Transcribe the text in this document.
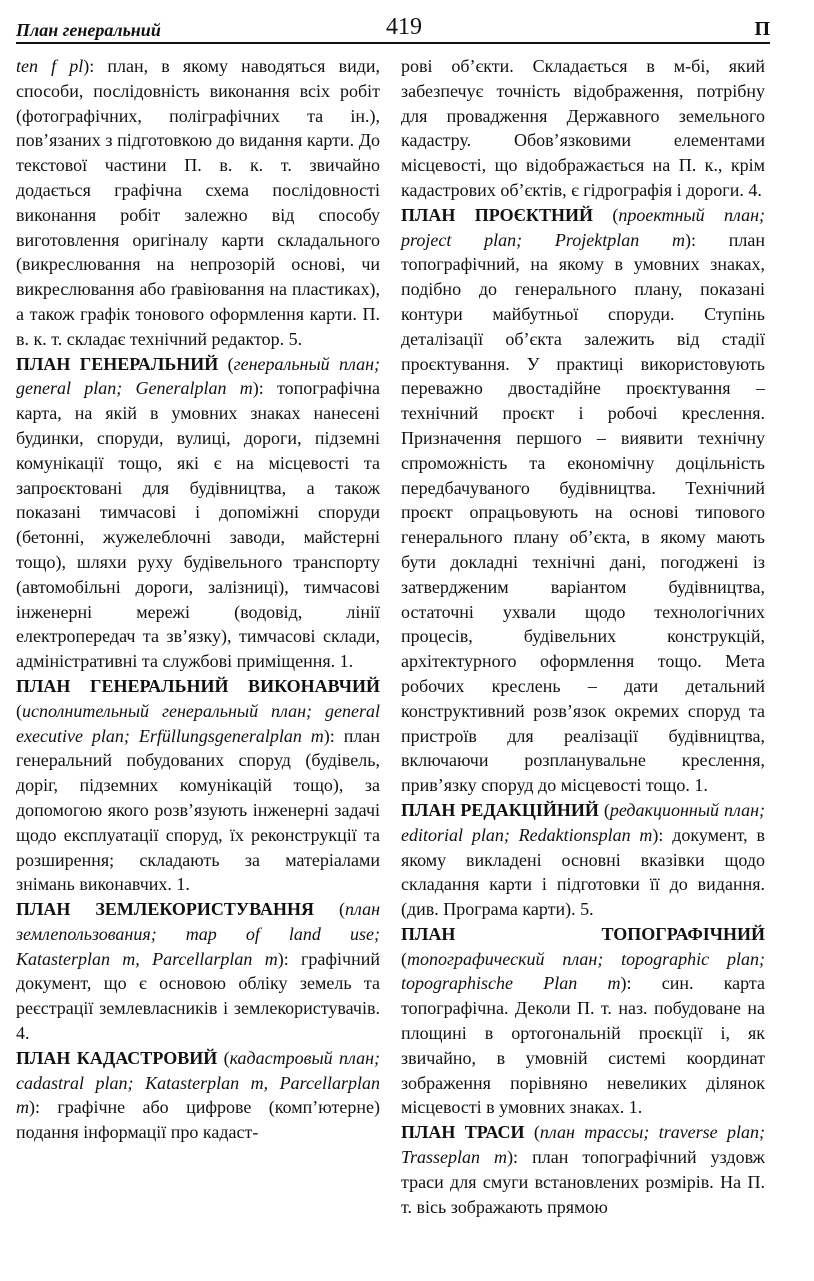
План генеральний	419	П

ten f pl): план, в якому наводяться види, способи, послідовність виконання всіх робіт (фотографічних, поліграфічних та ін.), пов’язаних з підготовкою до видання карти. До текстової частини П. в. к. т. звичайно додається графічна схема послідовності виконання робіт залежно від способу виготовлення оригіналу карти складального (викреслювання на непрозорій основі, чи викреслювання або ґравіювання на пластиках), а також графік тонового оформлення карти. П. в. к. т. складає технічний редактор. 5.

ПЛАН ГЕНЕРАЛЬНИЙ (генеральный план; general plan; Generalplan m): топографічна карта, на якій в умовних знаках нанесені будинки, споруди, вулиці, дороги, підземні комунікації тощо, які є на місцевості та запроєктовані для будівництва, а також показані тимчасові і допоміжні споруди (бетонні, жужелеблочні заводи, майстерні тощо), шляхи руху будівельного транспорту (автомобільні дороги, залізниці), тимчасові інженерні мережі (водовід, лінії електропередач та зв’язку), тимчасові склади, адміністративні та службові приміщення. 1.

ПЛАН ГЕНЕРАЛЬНИЙ ВИКОНАВЧИЙ (исполнительный генеральный план; general executive plan; Erfüllungsgeneralplan m): план генеральний побудованих споруд (будівель, доріг, підземних комунікацій тощо), за допомогою якого розв’язують інженерні задачі щодо експлуатації споруд, їх реконструкції та розширення; складають за матеріалами знімань виконавчих. 1.

ПЛАН ЗЕМЛЕКОРИСТУВАННЯ (план землепользования; map of land use; Katasterplan m, Parcellarplan m): графічний документ, що є основою обліку земель та реєстрації землевласників і землекористувачів. 4.

ПЛАН КАДАСТРОВИЙ (кадастровый план; cadastral plan; Katasterplan m, Parcellarplan m): графічне або цифрове (комп’ютерне) подання інформації про кадаст-

рові об’єкти. Складається в м-бі, який забезпечує точність відображення, потрібну для провадження Державного земельного кадастру. Обов’язковими елементами місцевості, що відображається на П. к., крім кадастрових об’єктів, є гідрографія і дороги. 4.

ПЛАН ПРОЄКТНИЙ (проектный план; project plan; Projektplan m): план топографічний, на якому в умовних знаках, подібно до генерального плану, показані контури майбутньої споруди. Ступінь деталізації об’єкта залежить від стадії проєктування. У практиці використовують переважно двостадійне проєктування – технічний проєкт і робочі креслення. Призначення першого – виявити технічну спроможність та економічну доцільність передбачуваного будівництва. Технічний проєкт опрацьовують на основі типового генерального плану об’єкта, в якому мають бути докладні технічні дані, погоджені із затвердженим варіантом будівництва, остаточні ухвали щодо технологічних процесів, будівельних конструкцій, архітектурного оформлення тощо. Мета робочих креслень – дати детальний конструктивний розв’язок окремих споруд та пристроїв для реалізації будівництва, включаючи розпланувальне креслення, прив’язку споруд до місцевості тощо. 1.

ПЛАН РЕДАКЦІЙНИЙ (редакционный план; editorial plan; Redaktionsplan m): документ, в якому викладені основні вказівки щодо складання карти і підготовки її до видання. (див. Програма карти). 5.

ПЛАН ТОПОГРАФІЧНИЙ (топографический план; topographic plan; topographische Plan m): син. карта топографічна. Деколи П. т. наз. побудоване на площині в ортогональній проєкції і, як звичайно, в умовній системі координат зображення порівняно невеликих ділянок місцевості в умовних знаках. 1.

ПЛАН ТРАСИ (план трассы; traverse plan; Trasseplan m): план топографічний уздовж траси для смуги встановлених розмірів. На П. т. вісь зображають прямою
